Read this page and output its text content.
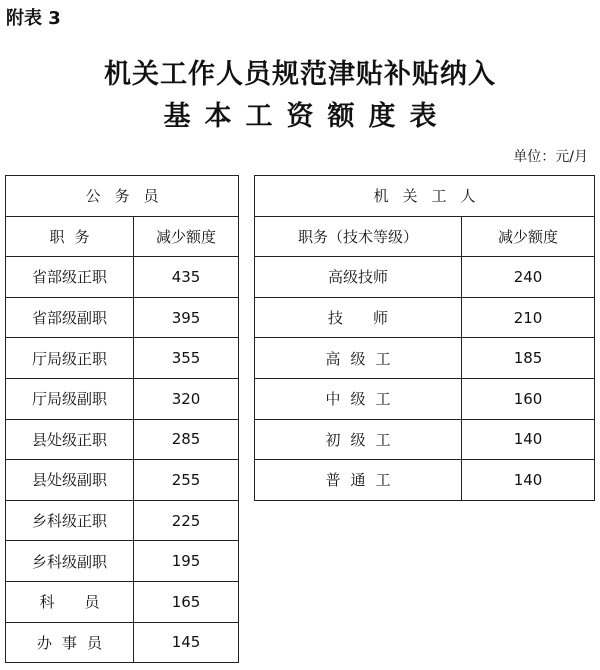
附表 3
机关工作人员规范津贴补贴纳入
基本工资额度表
单位：元/月
公务员	
职务	减少额度
省部级正职	435
省部级副职	395
厅局级正职	355
厅局级副职	320
县处级正职	285
县处级副职	255
乡科级正职	225
乡科级副职	195
科员	165
办事员	145
机关工人	
职务（技术等级）	减少额度
高级技师	240
技师	210
高级工	185
中级工	160
初级工	140
普通工	140
